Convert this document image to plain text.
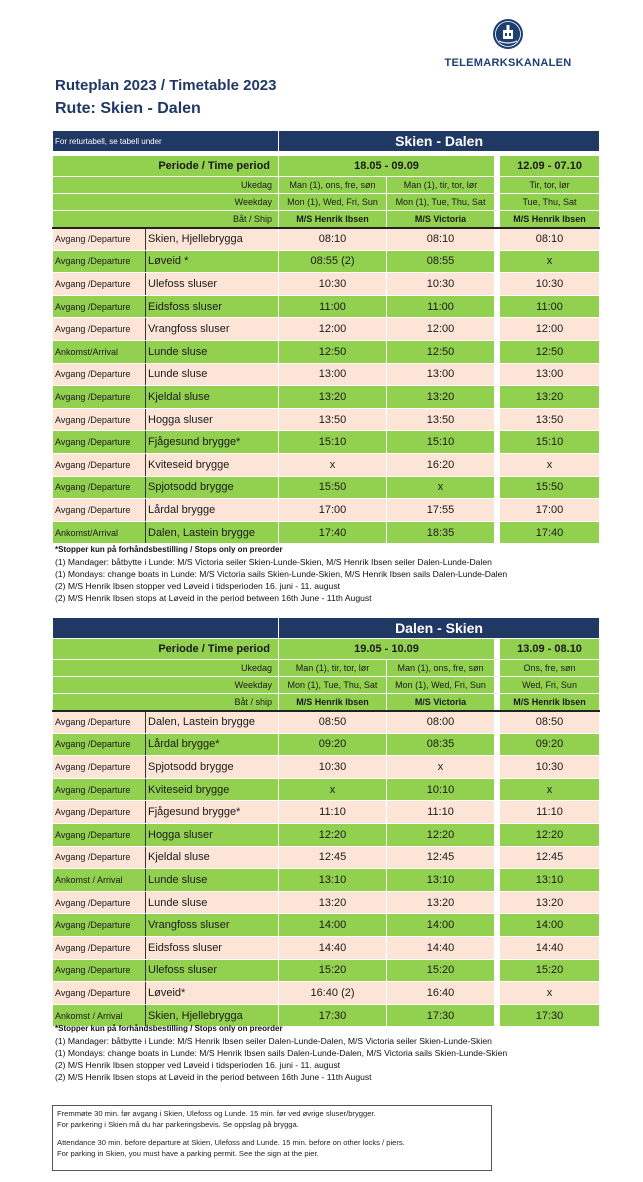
TELEMARKSKANALEN
Ruteplan 2023 / Timetable 2023
Rute: Skien - Dalen
For returtabell, se tabell under		Skien - Dalen			

Periode / Time period		18.05 - 09.09			12.09 - 07.10
Ukedag		Man (1), ons, fre, søn	Man (1), tir, tor, lør		Tir, tor, lør
Weekday		Mon (1), Wed, Fri, Sun	Mon (1), Tue, Thu, Sat		Tue, Thu, Sat
Båt / Ship		M/S Henrik Ibsen	M/S Victoria		M/S Henrik Ibsen
Avgang /Departure	Skien, Hjellebrygga	08:10	08:10		08:10
Avgang /Departure	Løveid *	08:55 (2)	08:55		x
Avgang /Departure	Ulefoss sluser	10:30	10:30		10:30
Avgang /Departure	Eidsfoss sluser	11:00	11:00		11:00
Avgang /Departure	Vrangfoss sluser	12:00	12:00		12:00
Ankomst/Arrival	Lunde sluse	12:50	12:50		12:50
Avgang /Departure	Lunde sluse	13:00	13:00		13:00
Avgang /Departure	Kjeldal sluse	13:20	13:20		13:20
Avgang /Departure	Hogga sluser	13:50	13:50		13:50
Avgang /Departure	Fjågesund brygge*	15:10	15:10		15:10
Avgang /Departure	Kviteseid brygge	x	16:20		x
Avgang /Departure	Spjotsodd brygge	15:50	x		15:50
Avgang /Departure	Lårdal brygge	17:00	17:55		17:00
Ankomst/Arrival	Dalen, Lastein brygge	17:40	18:35		17:40
*Stopper kun på forhåndsbestilling / Stops only on preorder
(1) Mandager: båtbytte i Lunde: M/S Victoria seiler Skien-Lunde-Skien, M/S Henrik Ibsen seiler Dalen-Lunde-Dalen
(1) Mondays: change boats in Lunde: M/S Victoria sails Skien-Lunde-Skien, M/S Henrik Ibsen sails Dalen-Lunde-Dalen
(2) M/S Henrik Ibsen stopper ved Løveid i tidsperioden 16. juni - 11. august
(2) M/S Henrik Ibsen stops at Løveid in the period between 16th June - 11th August
		Dalen - Skien			
Periode / Time period		19.05 - 10.09			13.09 - 08.10
Ukedag		Man (1), tir, tor, lør	Man (1), ons, fre, søn		Ons, fre, søn
Weekday		Mon (1), Tue, Thu, Sat	Mon (1), Wed, Fri, Sun		Wed, Fri, Sun
Båt / ship		M/S Henrik Ibsen	M/S Victoria		M/S Henrik Ibsen
Avgang /Departure	Dalen, Lastein brygge	08:50	08:00		08:50
Avgang /Departure	Lårdal brygge*	09:20	08:35		09:20
Avgang /Departure	Spjotsodd brygge	10:30	x		10:30
Avgang /Departure	Kviteseid brygge	x	10:10		x
Avgang /Departure	Fjågesund brygge*	11:10	11:10		11:10
Avgang /Departure	Hogga sluser	12:20	12:20		12:20
Avgang /Departure	Kjeldal sluse	12:45	12:45		12:45
Ankomst / Arrival	Lunde sluse	13:10	13:10		13:10
Avgang /Departure	Lunde sluse	13:20	13:20		13:20
Avgang /Departure	Vrangfoss sluser	14:00	14:00		14:00
Avgang /Departure	Eidsfoss sluser	14:40	14:40		14:40
Avgang /Departure	Ulefoss sluser	15:20	15:20		15:20
Avgang /Departure	Løveid*	16:40 (2)	16:40		x
Ankomst / Arrival	Skien, Hjellebrygga	17:30	17:30		17:30
*Stopper kun på forhåndsbestilling / Stops only on preorder
(1) Mandager: båtbytte i Lunde: M/S Henrik Ibsen seiler Dalen-Lunde-Dalen, M/S Victoria seiler Skien-Lunde-Skien
(1) Mondays: change boats in Lunde: M/S Henrik Ibsen sails Dalen-Lunde-Dalen, M/S Victoria sails Skien-Lunde-Skien
(2) M/S Henrik Ibsen stopper ved Løveid i tidsperioden 16. juni - 11. august
(2) M/S Henrik Ibsen stops at Løveid in the period between 16th June - 11th August
Fremmøte 30 min. før avgang i Skien, Ulefoss og Lunde. 15 min. før ved øvrige sluser/brygger.
For parkering i Skien må du har parkeringsbevis. Se oppslag på brygga.
Attendance 30 min. before departure at Skien, Ulefoss and Lunde. 15 min. before on other locks / piers.
For parking in Skien, you must have a parking permit. See the sign at the pier.
